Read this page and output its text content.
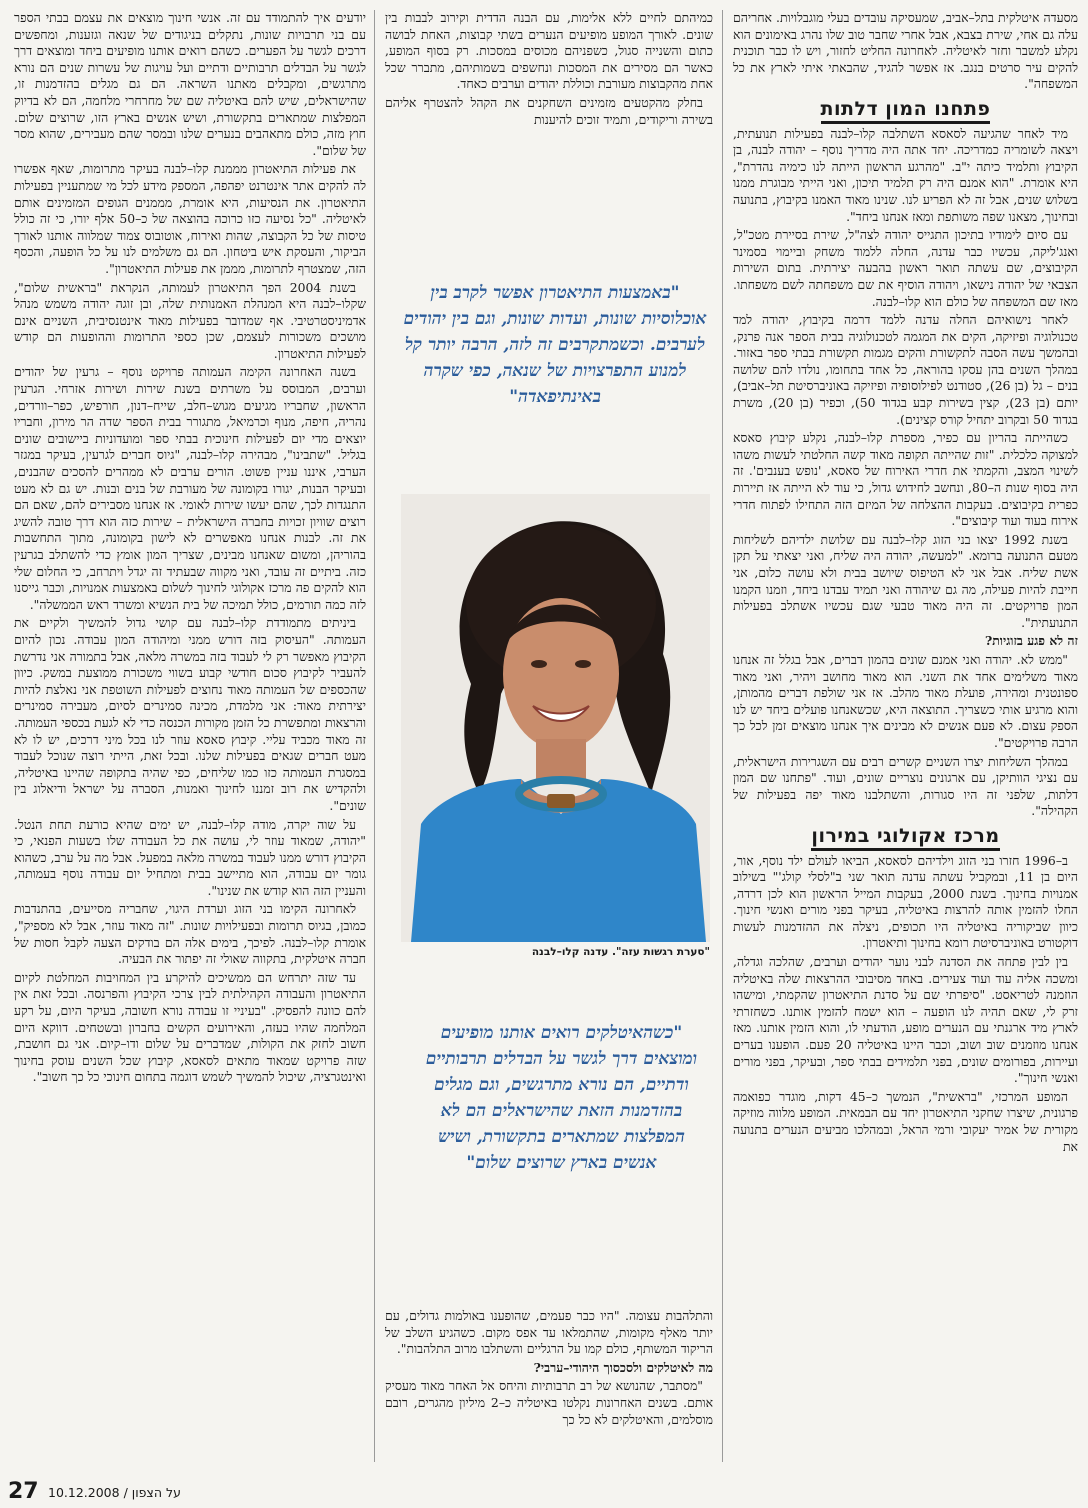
מסעדה איטלקית בתל–אביב, שמעסיקה עובדים בעלי מוגבלויות. אחריהם עלה גם אחי, שירת בצבא, אבל אחרי שחבר טוב שלו נהרג באימונים הוא נקלע למשבר וחזר לאיטליה. לאחרונה החליט לחזור, ויש לו כבר תוכנית להקים עיר סרטים בנגב. אז אפשר להגיד, שהבאתי איתי לארץ את כל המשפחה".

פתחנו המון דלתות

מיד לאחר שהגיעה לסאסא השתלבה קלו–לבנה בפעילות תנועתית, ויצאה לשומריה כמדריכה. יחד אתה היה מדריך נוסף – יהודה לבנה, בן הקיבוץ ותלמיד כיתה י"ב. "מהרגע הראשון הייתה לנו כימיה נהדרת", היא אומרת. "הוא אמנם היה רק תלמיד תיכון, ואני הייתי מבוגרת ממנו בשלוש שנים, אבל זה לא הפריע לנו. שנינו מאוד האמנו בקיבוץ, בתנועה ובחינוך, מצאנו שפה משותפת ומאז אנחנו ביחד".

עם סיום לימודיו בתיכון התגייס יהודה לצה"ל, שירת בסיירת מטכ"ל, ואנג'ליקה, עכשיו כבר עדנה, החלה ללמוד משחק וביימוי בסמינר הקיבוצים, שם עשתה תואר ראשון בהבעה יצירתית. בתום השירות הצבאי של יהודה נישאו, ויהודה הוסיף את שם משפחתה לשם משפחתו. מאז שם המשפחה של כולם הוא קלו–לבנה.

לאחר נישואיהם החלה עדנה ללמד דרמה בקיבוץ, יהודה למד טכנולוגיה ופיזיקה, הקים את המגמה לטכנולוגיה בבית הספר אנה פרנק, ובהמשך עשה הסבה לתקשורת והקים מגמות תקשורת בבתי ספר באזור. במהלך השנים בהן עסקו בהוראה, כל אחד בתחומו, נולדו להם שלושה בנים – גל (בן 26), סטודנט לפילוסופיה ופיזיקה באוניברסיטת תל–אביב), יותם (בן 23), קצין בשירות קבע בגדוד 50), וכפיר (בן 20), משרת בגדוד 50 ובקרוב יתחיל קורס קצינים).

כשהייתה בהריון עם כפיר, מספרת קלו–לבנה, נקלע קיבוץ סאסא למצוקה כלכלית. "זות שהייתה תקופה מאוד קשה החלטתי לעשות משהו לשינוי המצב, והקמתי את חדרי האירוח של סאסא, 'נופש בענבים'. זה היה בסוף שנות ה–80, ונחשב לחידוש גדול, כי עוד לא הייתה אז תיירות כפרית בקיבוצים. בעקבות ההצלחה של המיזם הזה התחילו לפתוח חדרי אירוח בעוד ועוד קיבוצים".

בשנת 1992 יצאו בני הזוג קלו–לבנה עם שלושת ילדיהם לשליחות מטעם התנועה ברומא. "למעשה, יהודה היה שליח, ואני יצאתי על תקן אשת שליח. אבל אני לא הטיפוס שיושב בבית ולא עושה כלום, אני חייבת להיות פעילה, מה גם שיהודה ואני תמיד עבדנו ביחד, וזמנו הקמנו המון פרויקטים. זה היה מאוד טבעי שגם עכשיו אשתלב בפעילות התנועתית".

זה לא פגע בזוגיות?

"ממש לא. יהודה ואני אמנם שונים בהמון דברים, אבל בגלל זה אנחנו מאוד משלימים אחד את השני. הוא מאוד מחושב ויהיר, ואני מאוד ספונטנית ומהירה, פועלת מאוד מהלב. אז אני שולפת דברים מהמותן, והוא מרגיע אותי כשצריך. התוצאה היא, שכשאנחנו פועלים ביחד יש לנו הספק עצום. לא פעם אנשים לא מבינים איך אנחנו מוצאים זמן לכל כך הרבה פרויקטים".

במהלך השליחות יצרו השניים קשרים רבים עם השגרירות הישראלית, עם נציגי הוותיקן, עם ארגונים נוצריים שונים, ועוד. "פתחנו שם המון דלתות, שלפני זה היו סגורות, והשתלבנו מאוד יפה בפעילות של הקהילה".

מרכז אקולוגי במירון

ב–1996 חזרו בני הזוג וילדיהם לסאסא, הביאו לעולם ילד נוסף, אור, היום בן 11, ובמקביל עשתה עדנה תואר שני ב"לסלי קולג'" בשילוב אמנויות בחינוך. בשנת 2000, בעקבות המייל הראשון הוא לכן דרדה, החלו להזמין אותה להרצות באיטליה, בעיקר בפני מורים ואנשי חינוך. כיוון שביקוריה באיטליה היו תכופים, ניצלה את ההזדמנות לעשות דוקטורט באוניברסיטת רומא בחינוך ותיאטרון.

בין לבין פתחה את הסדנה לבני נוער יהודים וערבים, שהלכה וגדלה, ומשכה אליה עוד ועוד צעירים. באחד מסיבובי ההרצאות שלה באיטליה הוזמנה לטריאסט. "סיפרתי שם על סדנת התיאטרון שהקמתי, ומישהו זרק לי, שאם תהיה לנו הופעה – הוא ישמח להזמין אותנו. כשחזרתי לארץ מיד ארגנתי עם הנערים מופע, הודעתי לו, והוא הזמין אותנו. מאז אנחנו מוזמנים שוב ושוב, וכבר היינו באיטליה 20 פעם. הופענו בערים ועיירות, בפורומים שונים, בפני תלמידים בבתי ספר, ובעיקר, בפני מורים ואנשי חינוך".

המופע המרכזי, "בראשית", הנמשך כ–45 דקות, מוגדר כפואמה פרגונית, שיצרו שחקני התיאטרון יחד עם הבמאית. המופע מלווה מוזיקה מקורית של אמיר יעקובי ורמי הראל, ובמהלכו מביעים הנערים בתנועה את

כמיהתם לחיים ללא אלימות, עם הבנה הדדית וקירוב לבבות בין שונים. לאורך המופע מופיעים הנערים בשתי קבוצות, האחת לבושה כתום והשנייה סגול, כשפניהם מכוסים במסכות. רק בסוף המופע, כאשר הם מסירים את המסכות ונחשפים בשמותיהם, מתברר שכל אחת מהקבוצות מעורבת וכוללת יהודים וערבים כאחד.

בחלק מהקטעים מזמינים השחקנים את הקהל להצטרף אליהם בשירה וריקודים, ותמיד זוכים להיענות

"באמצעות התיאטרון אפשר לקרב בין אוכלוסיות שונות, ועדות שונות, וגם בין יהודים לערבים. וכשמתקרבים זה לזה, הרבה יותר קל למנוע התפרצויות של שנאה, כפי שקרה באינתיפאדה"
"סערת רגשות עזה". עדנה קלו–לבנה
"כשהאיטלקים רואים אותנו מופיעים ומוצאים דרך לגשר על הבדלים תרבותיים ודתיים, הם נורא מתרגשים, וגם מגלים בהזדמנות הזאת שהישראלים הם לא המפלצות שמתארים בתקשורת, ושיש אנשים בארץ שרוצים שלום"

והתלהבות עצומה. "היו כבר פעמים, שהופענו באולמות גדולים, עם יותר מאלף מקומות, שהתמלאו עד אפס מקום. כשהגיע השלב של הריקוד המשותף, כולם קמו על הרגליים והשתלבו מרוב התלהבות".

מה לאיטלקים ולסכסוך היהודי–ערבי?

"מסתבר, שהנושא של רב תרבותיות והיחס אל האחר מאוד מעסיק אותם. בשנים האחרונות נקלטו באיטליה כ–2 מיליון מהגרים, רובם מוסלמים, והאיטלקים לא כל כך

יודעים איך להתמודד עם זה. אנשי חינוך מוצאים את עצמם בבתי הספר עם בני תרבויות שונות, נתקלים בניגודים של שנאה וגזענות, ומחפשים דרכים לגשר על הפערים. כשהם רואים אותנו מופיעים ביחד ומוצאים דרך לגשר על הבדלים תרבותיים ודתיים ועל עויגות של עשרות שנים הם נורא מתרגשים, ומקבלים מאתנו השראה. הם גם מגלים בהזדמנות זו, שהישראלים, שיש להם באיטליה שם של מחרחרי מלחמה, הם לא בדיוק המפלצות שמתארים בתקשורת, ושיש אנשים בארץ הזו, שרוצים שלום. חוץ מזה, כולם מתאהבים בנערים שלנו ובמסר שהם מעבירים, שהוא מסר של שלום".

את פעילות התיאטרון מממנת קלו–לבנה בעיקר מתרומות, שאף אפשרו לה להקים אתר אינטרנט יפהפה, המספק מידע לכל מי שמתעניין בפעילות התיאטרון. את הנסיעות, היא אומרת, מממנים הגופים המזמינים אותם לאיטליה. "כל נסיעה כזו כרוכה בהוצאה של כ–50 אלף יורו, כי זה כולל טיסות של כל הקבוצה, שהות ואירוח, אוטובוס צמוד שמלווה אותנו לאורך הביקור, והעסקת איש ביטחון. הם גם משלמים לנו על כל הופעה, והכסף הזה, שמצטרף לתרומות, מממן את פעילות התיאטרון".

בשנת 2004 הפך התיאטרון לעמותה, הנקראת "בראשית שלום", שקלו–לבנה היא המנהלת האמנותית שלה, ובן זוגה יהודה משמש מנהל אדמיניסטרטיבי. אף שמדובר בפעילות מאוד אינטנסיבית, השניים אינם מושכים משכורות לעצמם, שכן כספי התרומות וההופעות הם קודש לפעילות התיאטרון.

בשנה האחרונה הקימה העמותה פרויקט נוסף – גרעין של יהודים וערבים, המבוסס על משרתים בשנת שירות ושירות אזרחי. הגרעין הראשון, שחבריו מגיעים מגוש–חלב, שייח–דנון, חורפיש, כפר–וורדים, נהריה, חיפה, מנוף וכרמיאל, מתגורר בבית הספר שדה הר מירון, וחבריו יוצאים מדי יום לפעילות חינוכית בבתי ספר ומועדוניות ביישובים שונים בגליל. "שתבינו", מבהירה קלו–לבנה, "גיוס חברים לגרעין, בעיקר במגזר הערבי, איננו עניין פשוט. הורים ערבים לא ממהרים להסכים שהבנים, ובעיקר הבנות, יגורו בקומונה של מעורבת של בנים ובנות. יש גם לא מעט התנגדות לכך, שהם יעשו שירות לאומי. אז אנחנו מסבירים להם, שאם הם רוצים שוויון זכויות בחברה הישראלית – שירות כזה הוא דרך טובה להשיג את זה. לבנות אנחנו מאפשרים לא לישון בקומונה, מתוך התחשבות בהוריהן, ומשום שאנחנו מבינים, שצריך המון אומץ כדי להשתלב בגרעין כזה. ביתיים זה עובד, ואני מקווה שבעתיד זה יגדל ויתרחב, כי החלום שלי הוא להקים פה מרכז אקולוגי לחינוך לשלום באמצעות אמנויות, וכבר גייסנו לזה כמה תורמים, כולל תמיכה של בית הנשיא ומשרד ראש הממשלה".

ביניתים מתמודדת קלו–לבנה עם קושי גדול להמשיך ולקיים את העמותה. "העיסוק בזה דורש ממני ומיהודה המון עבודה. נכון להיום הקיבוץ מאפשר רק לי לעבוד בזה במשרה מלאה, אבל בתמורה אני נדרשת להעביר לקיבוץ סכום חודשי קבוע בשווי משכורת ממוצעת במשק. כיוון שהכספים של העמותה מאוד נחוצים לפעילות השוטפת אני נאלצת להיות יצירתית מאוד: אני מלמדת, מכינה סמינרים לסיום, מעבירה סמינרים והרצאות ומתפשרת כל הזמן מקורות הכנסה כדי לא לגעת בכספי העמותה. זה מאוד מכביד עליי. קיבוץ סאסא עוזר לנו בכל מיני דרכים, יש לו לא מעט חברים שגאים בפעילות שלנו. ובכל זאת, הייתי רוצה שנוכל לעבוד במסגרת העמותה כזו כמו שליחים, כפי שהיה בתקופה שהיינו באיטליה, ולהקדיש את רוב זמננו לחינוך ואמנות, הסברה על ישראל ודיאלוג בין שונים".

על שוה יקרה, מודה קלו–לבנה, יש ימים שהיא כורעת תחת הנטל. "יהודה, שמאוד עוזר לי, עושה את כל העבודה שלו בשעות הפנאי, כי הקיבוץ דורש ממנו לעבוד במשרה מלאה במפעל. אבל מה על ערב, כשהוא גומר יום עבודה, הוא מתיישב בבית ומתחיל יום עבודה נוסף בעמותה, והעניין הזה הוא קודש את שנינו".

לאחרונה הקימו בני הזוג וערדת היגוי, שחבריה מסייעים, בהתנדבות כמובן, בגיוס תרומות ובפעילויות שונות. "זה מאוד עוזר, אבל לא מספיק", אומרת קלו–לבנה. לפיכך, בימים אלה הם בודקים הצעה לקבל חסות של חברה איטלקית, בתקווה שאולי זה יפתור את הבעיה.

עד שזה יתרחש הם ממשיכים להיקרע בין המחויבות המחלטת לקיום התיאטרון והעבודה הקהילתית לבין צרכי הקיבוץ והפרנסה. ובכל זאת אין להם כוונה להפסיק. "בעיניי זו עבודה נורא חשובה, בעיקר היום, על רקע המלחמה שהיו בעזה, והאירועים הקשים בחברון ובשטחים. דווקא היום חשוב לחזק את הקולות, שמדברים על שלום ודו–קיום. אני גם חושבת, שזה פרויקט שמאוד מתאים לסאסא, קיבוץ שכל השנים עוסק בחינוך ואינטגרציה, שיכול להמשיך לשמש דוגמה בתחום חינוכי כל כך חשוב".

27	על הצפון/10.12.2008
